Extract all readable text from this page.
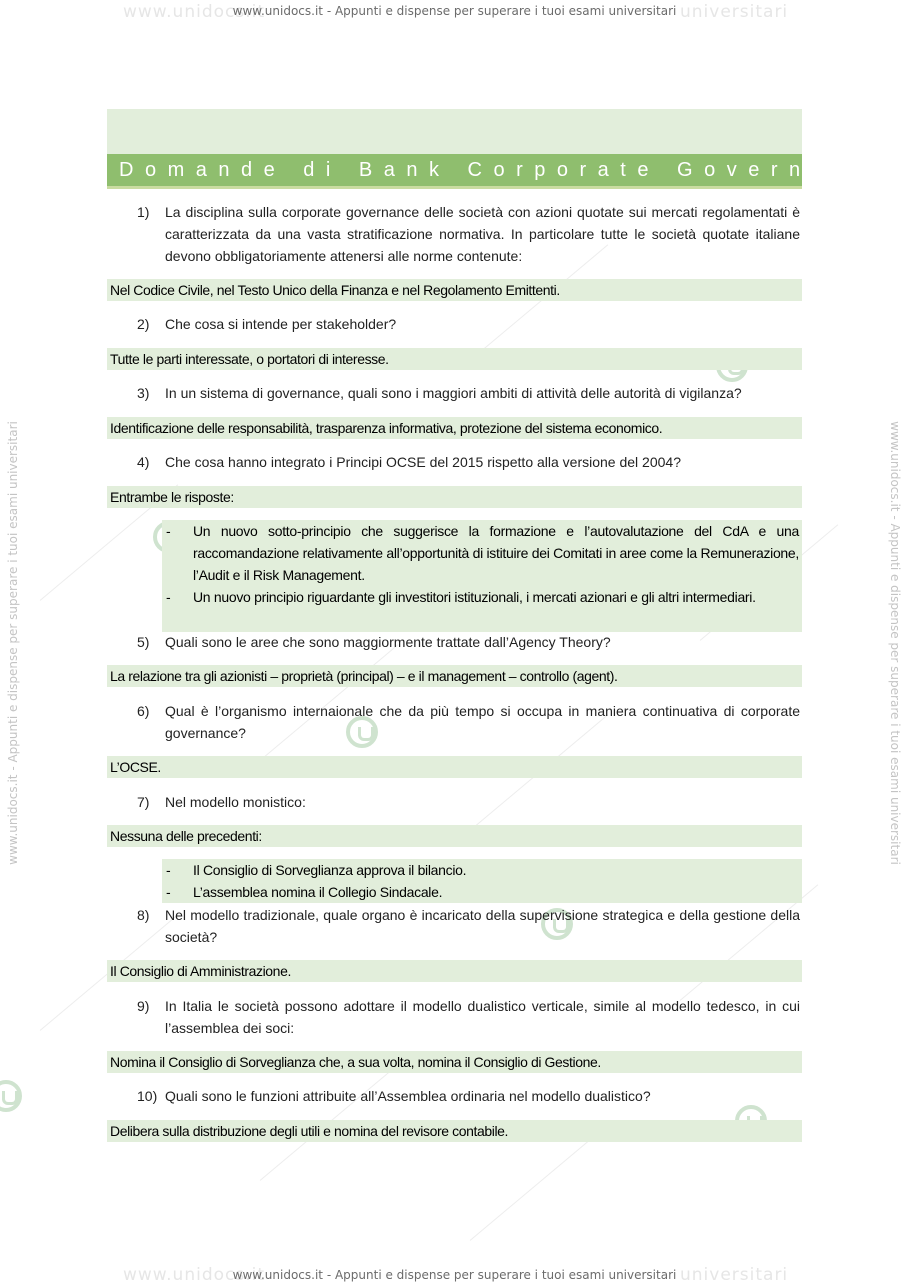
www.unidocs.it	universitari
www.unidocs.it	universitari
www.unidocs.it - Appunti e dispense per superare i tuoi esami universitari
www.unidocs.it - Appunti e dispense per superare i tuoi esami universitari
www.unidocs.it - Appunti e dispense per superare i tuoi esami universitari	www.unidocs.it - Appunti e dispense per superare i tuoi esami universitari
Domande di Bank Corporate Governance
1)	La disciplina sulla corporate governance delle società con azioni quotate sui mercati regolamentati è caratterizzata da una vasta stratificazione normativa. In particolare tutte le società quotate italiane devono obbligatoriamente attenersi alle norme contenute:
Nel Codice Civile, nel Testo Unico della Finanza e nel Regolamento Emittenti.
2)	Che cosa si intende per stakeholder?
Tutte le parti interessate, o portatori di interesse.
3)	In un sistema di governance, quali sono i maggiori ambiti di attività delle autorità di vigilanza?
Identificazione delle responsabilità, trasparenza informativa, protezione del sistema economico.
4)	Che cosa hanno integrato i Principi OCSE del 2015 rispetto alla versione del 2004?
Entrambe le risposte:
-	Un nuovo sotto-principio che suggerisce la formazione e l’autovalutazione del CdA e una raccomandazione relativamente all’opportunità di istituire dei Comitati in aree come la Remunerazione, l’Audit e il Risk Management.
-	Un nuovo principio riguardante gli investitori istituzionali, i mercati azionari e gli altri intermediari.
5)	Quali sono le aree che sono maggiormente trattate dall’Agency Theory?
La relazione tra gli azionisti – proprietà (principal) – e il management – controllo (agent).
6)	Qual è l’organismo internaionale che da più tempo si occupa in maniera continuativa di corporate governance?
L’OCSE.
7)	Nel modello monistico:
Nessuna delle precedenti:
-	Il Consiglio di Sorveglianza approva il bilancio.
-	L’assemblea nomina il Collegio Sindacale.
8)	Nel modello tradizionale, quale organo è incaricato della supervisione strategica e della gestione della società?
Il Consiglio di Amministrazione.
9)	In Italia le società possono adottare il modello dualistico verticale, simile al modello tedesco, in cui l’assemblea dei soci:
Nomina il Consiglio di Sorveglianza che, a sua volta, nomina il Consiglio di Gestione.
10) Quali sono le funzioni attribuite all’Assemblea ordinaria nel modello dualistico?
Delibera sulla distribuzione degli utili e nomina del revisore contabile.
